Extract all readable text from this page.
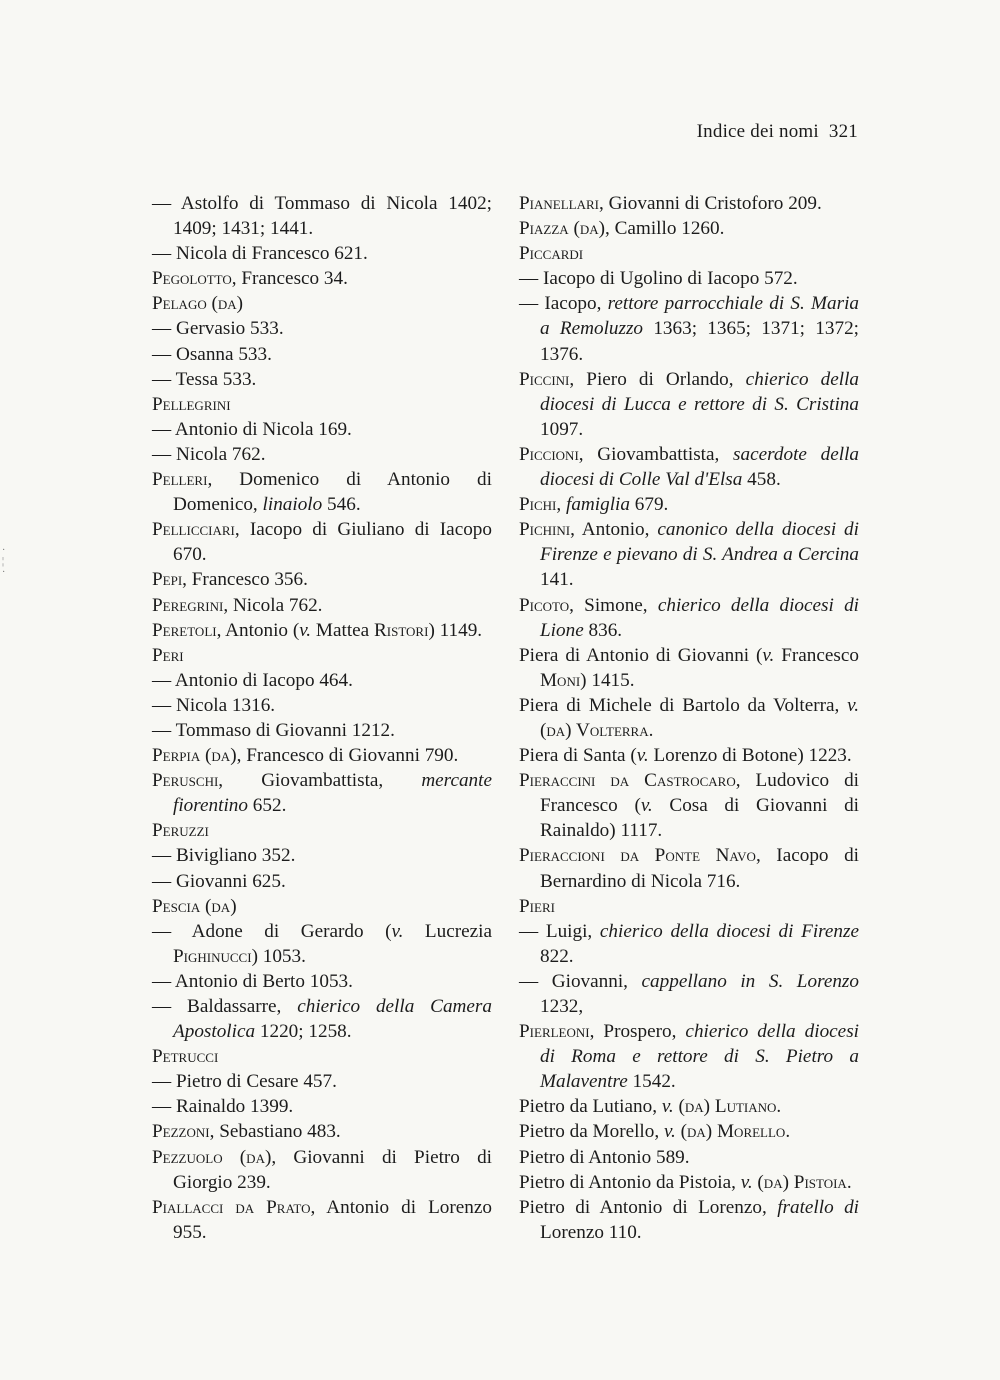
Indice dei nomi 321
·
¦
·
— Astolfo di Tommaso di Nicola 1402; 1409; 1431; 1441.
— Nicola di Francesco 621.
Pegolotto, Francesco 34.
Pelago (da)
— Gervasio 533.
— Osanna 533.
— Tessa 533.
Pellegrini
— Antonio di Nicola 169.
— Nicola 762.
Pelleri, Domenico di Antonio di Domenico, linaiolo 546.
Pellicciari, Iacopo di Giuliano di Iacopo 670.
Pepi, Francesco 356.
Peregrini, Nicola 762.
Peretoli, Antonio (v. Mattea Ristori) 1149.
Peri
— Antonio di Iacopo 464.
— Nicola 1316.
— Tommaso di Giovanni 1212.
Perpia (da), Francesco di Giovanni 790.
Peruschi, Giovambattista, mercante fiorentino 652.
Peruzzi
— Bivigliano 352.
— Giovanni 625.
Pescia (da)
— Adone di Gerardo (v. Lucrezia Pighinucci) 1053.
— Antonio di Berto 1053.
— Baldassarre, chierico della Camera Apostolica 1220; 1258.
Petrucci
— Pietro di Cesare 457.
— Rainaldo 1399.
Pezzoni, Sebastiano 483.
Pezzuolo (da), Giovanni di Pietro di Giorgio 239.
Piallacci da Prato, Antonio di Lorenzo 955.
Pianellari, Giovanni di Cristoforo 209.
Piazza (da), Camillo 1260.
Piccardi
— Iacopo di Ugolino di Iacopo 572.
— Iacopo, rettore parrocchiale di S. Maria a Remoluzzo 1363; 1365; 1371; 1372; 1376.
Piccini, Piero di Orlando, chierico della diocesi di Lucca e rettore di S. Cristina 1097.
Piccioni, Giovambattista, sacerdote della diocesi di Colle Val d'Elsa 458.
Pichi, famiglia 679.
Pichini, Antonio, canonico della diocesi di Firenze e pievano di S. Andrea a Cercina 141.
Picoto, Simone, chierico della diocesi di Lione 836.
Piera di Antonio di Giovanni (v. Francesco Moni) 1415.
Piera di Michele di Bartolo da Volterra, v. (da) Volterra.
Piera di Santa (v. Lorenzo di Botone) 1223.
Pieraccini da Castrocaro, Ludovico di Francesco (v. Cosa di Giovanni di Rainaldo) 1117.
Pieraccioni da Ponte Navo, Iacopo di Bernardino di Nicola 716.
Pieri
— Luigi, chierico della diocesi di Firenze 822.
— Giovanni, cappellano in S. Lorenzo 1232,
Pierleoni, Prospero, chierico della diocesi di Roma e rettore di S. Pietro a Malaventre 1542.
Pietro da Lutiano, v. (da) Lutiano.
Pietro da Morello, v. (da) Morello.
Pietro di Antonio 589.
Pietro di Antonio da Pistoia, v. (da) Pistoia.
Pietro di Antonio di Lorenzo, fratello di Lorenzo 110.
